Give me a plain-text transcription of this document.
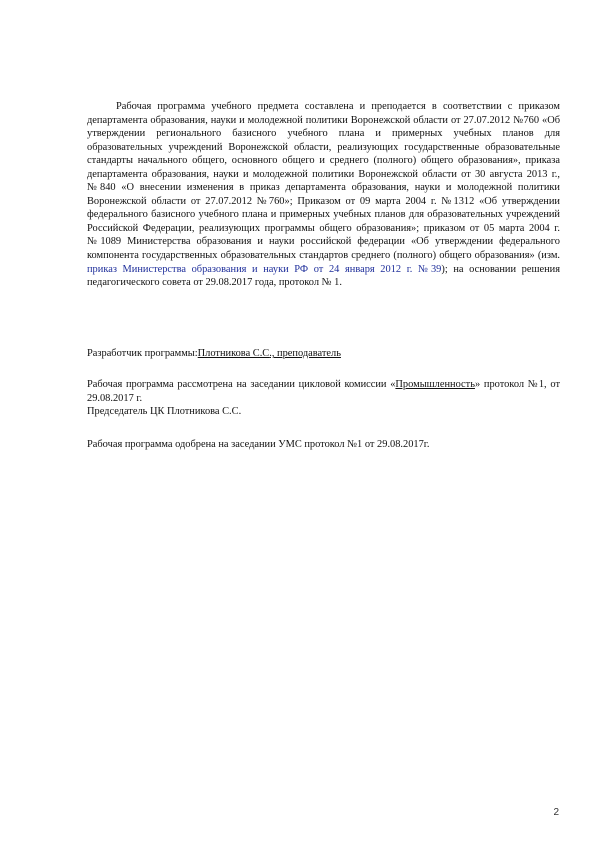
Рабочая программа учебного предмета составлена и преподается в соответствии с приказом департамента образования, науки и молодежной политики Воронежской области от 27.07.2012 №760 «Об утверждении регионального базисного учебного плана и примерных учебных планов для образовательных учреждений Воронежской области, реализующих государственные образовательные стандарты начального общего, основного общего и среднего (полного) общего образования», приказа департамента образования, науки и молодежной политики Воронежской области от 30 августа 2013 г., №840 «О внесении изменения в приказ департамента образования, науки и молодежной политики Воронежской области от 27.07.2012 №760»; Приказом от 09 марта 2004 г. №1312 «Об утверждении федерального базисного учебного плана и примерных учебных планов для образовательных учреждений Российской Федерации, реализующих программы общего образования»; приказом от 05 марта 2004 г. №1089 Министерства образования и науки российской федерации «Об утверждении федерального компонента государственных образовательных стандартов среднего (полного) общего образования» (изм. приказ Министерства образования и науки РФ от 24 января 2012 г. №39); на основании решения педагогического совета от 29.08.2017 года, протокол № 1.
Разработчик программы:Плотникова С.С., преподаватель
Рабочая программа рассмотрена на заседании цикловой комиссии «Промышленность» протокол №1, от 29.08.2017 г.
Председатель ЦК Плотникова С.С.
Рабочая программа одобрена на заседании УМС протокол №1 от 29.08.2017г.
2
